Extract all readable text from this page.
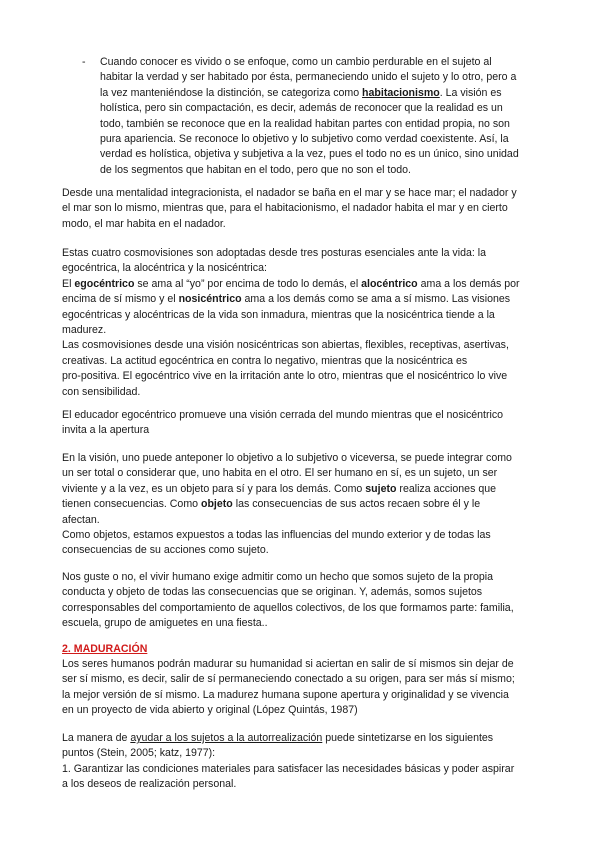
- Cuando conocer es vivido o se enfoque, como un cambio perdurable en el sujeto al
habitar la verdad y ser habitado por ésta, permaneciendo unido el sujeto y lo otro, pero a
la vez manteniéndose la distinción, se categoriza como habitacionismo. La visión es
holística, pero sin compactación, es decir, además de reconocer que la realidad es un
todo, también se reconoce que en la realidad habitan partes con entidad propia, no son
pura apariencia. Se reconoce lo objetivo y lo subjetivo como verdad coexistente. Así, la
verdad es holística, objetiva y subjetiva a la vez, pues el todo no es un único, sino unidad
de los segmentos que habitan en el todo, pero que no son el todo.

Desde una mentalidad integracionista, el nadador se baña en el mar y se hace mar; el nadador y
el mar son lo mismo, mientras que, para el habitacionismo, el nadador habita el mar y en cierto
modo, el mar habita en el nadador.

Estas cuatro cosmovisiones son adoptadas desde tres posturas esenciales ante la vida: la
egocéntrica, la alocéntrica y la nosicéntrica:
El egocéntrico se ama al “yo” por encima de todo lo demás, el alocéntrico ama a los demás por
encima de sí mismo y el nosicéntrico ama a los demás como se ama a sí mismo. Las visiones
egocéntricas y alocéntricas de la vida son inmadura, mientras que la nosicéntrica tiende a la
madurez.
Las cosmovisiones desde una visión nosicéntricas son abiertas, flexibles, receptivas, asertivas,
creativas. La actitud egocéntrica en contra lo negativo, mientras que la nosicéntrica es
pro-positiva. El egocéntrico vive en la irritación ante lo otro, mientras que el nosicéntrico lo vive
con sensibilidad.

El educador egocéntrico promueve una visión cerrada del mundo mientras que el nosicéntrico
invita a la apertura

En la visión, uno puede anteponer lo objetivo a lo subjetivo o viceversa, se puede integrar como
un ser total o considerar que, uno habita en el otro. El ser humano en sí, es un sujeto, un ser
viviente y a la vez, es un objeto para sí y para los demás. Como sujeto realiza acciones que
tienen consecuencias. Como objeto las consecuencias de sus actos recaen sobre él y le
afectan.
Como objetos, estamos expuestos a todas las influencias del mundo exterior y de todas las
consecuencias de su acciones como sujeto.

Nos guste o no, el vivir humano exige admitir como un hecho que somos sujeto de la propia
conducta y objeto de todas las consecuencias que se originan. Y, además, somos sujetos
corresponsables del comportamiento de aquellos colectivos, de los que formamos parte: familia,
escuela, grupo de amiguetes en una fiesta..

2. MADURACIÓN

Los seres humanos podrán madurar su humanidad si aciertan en salir de sí mismos sin dejar de
ser sí mismo, es decir, salir de sí permaneciendo conectado a su origen, para ser más sí mismo;
la mejor versión de sí mismo. La madurez humana supone apertura y originalidad y se vivencia
en un proyecto de vida abierto y original (López Quintás, 1987)

La manera de ayudar a los sujetos a la autorrealización puede sintetizarse en los siguientes
puntos (Stein, 2005; katz, 1977):
1. Garantizar las condiciones materiales para satisfacer las necesidades básicas y poder aspirar
a los deseos de realización personal.
